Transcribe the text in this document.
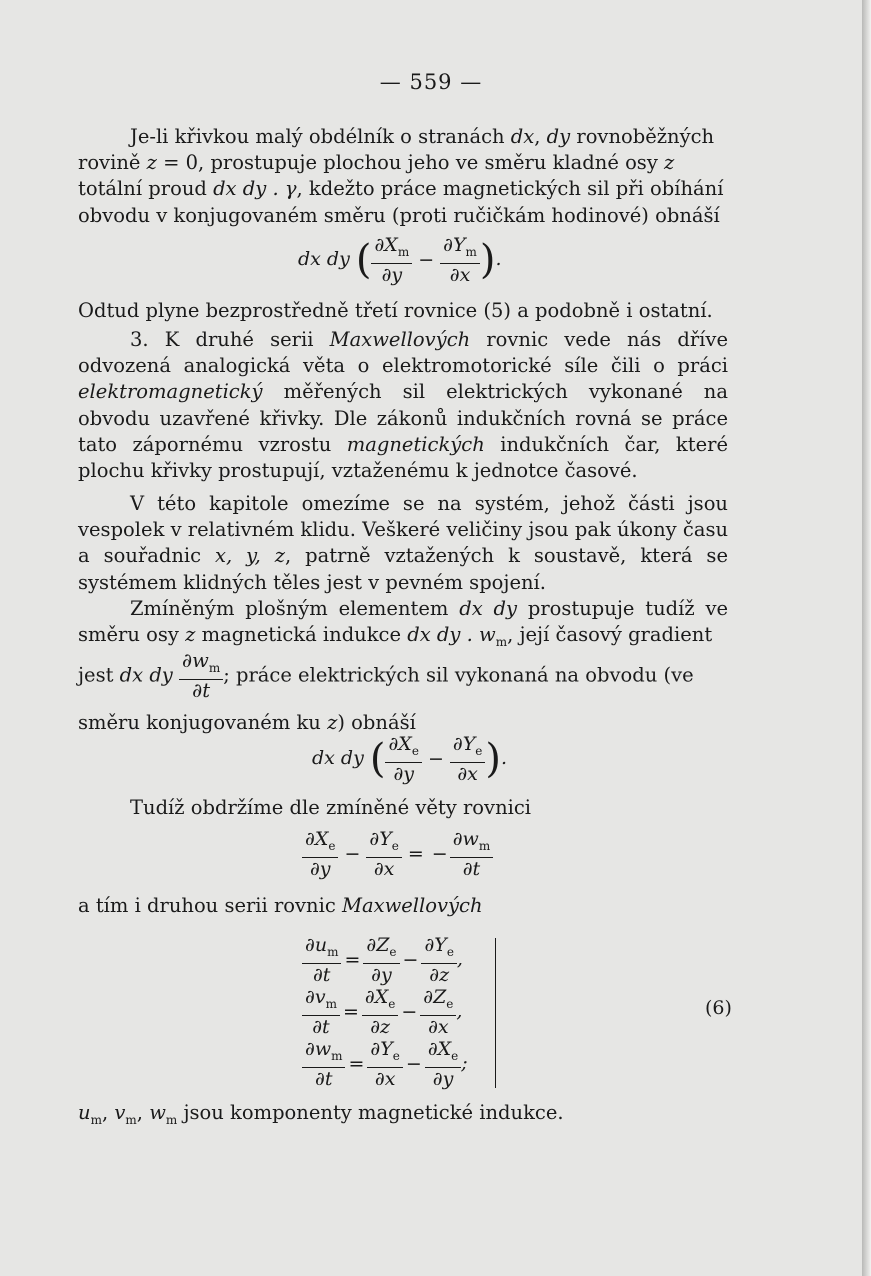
— 559 —

Je-li křivkou malý obdélník o stranách dx, dy rovnoběžných

rovině z = 0, prostupuje plochou jeho ve směru kladné osy z

totální proud dx dy . γ, kdežto práce magnetických sil při obíhání

obvodu v konjugovaném směru (proti ručičkám hodinové) obnáší

dx dy ( $\frac{\partial X_m}{\partial y} - \frac{\partial Y_m}{\partial x}$ ).

Odtud plyne bezprostředně třetí rovnice (5) a podobně i ostatní.

3. K druhé serii Maxwellových rovnic vede nás dříve odvozená analogická věta o elektromotorické síle čili o práci elektromagnetický měřených sil elektrických vykonané na obvodu uzavřené křivky. Dle zákonů indukčních rovná se práce tato zápornému vzrostu magnetických indukčních čar, které plochu křivky prostupují, vztaženému k jednotce časové.

V této kapitole omezíme se na systém, jehož části jsou vespolek v relativném klidu. Veškeré veličiny jsou pak úkony času a souřadnic x, y, z, patrně vztažených k soustavě, která se systémem klidných těles jest v pevném spojení.

Zmíněným plošným elementem dx dy prostupuje tudíž ve směru osy z magnetická indukce dx dy . $w_m$, její časový gradient

jest dx dy $\frac{\partial w_m}{\partial t}$ ; práce elektrických sil vykonaná na obvodu (ve

směru konjugovaném ku z) obnáší

dx dy ( $\frac{\partial X_e}{\partial y} - \frac{\partial Y_e}{\partial x}$ ).

Tudíž obdržíme dle zmíněné věty rovnici

$\frac{\partial X_e}{\partial y} - \frac{\partial Y_e}{\partial x}$ = − $\frac{\partial w_m}{\partial t}$

a tím i druhou serii rovnic Maxwellových

$\frac{\partial u_m}{\partial t} = \frac{\partial Z_e}{\partial y} - \frac{\partial Y_e}{\partial z}$ ,
$\frac{\partial v_m}{\partial t} = \frac{\partial X_e}{\partial z} - \frac{\partial Z_e}{\partial x}$ ,
$\frac{\partial w_m}{\partial t} = \frac{\partial Y_e}{\partial x} - \frac{\partial X_e}{\partial y}$ ;
(6)

$u_m$, $v_m$, $w_m$ jsou komponenty magnetické indukce.
